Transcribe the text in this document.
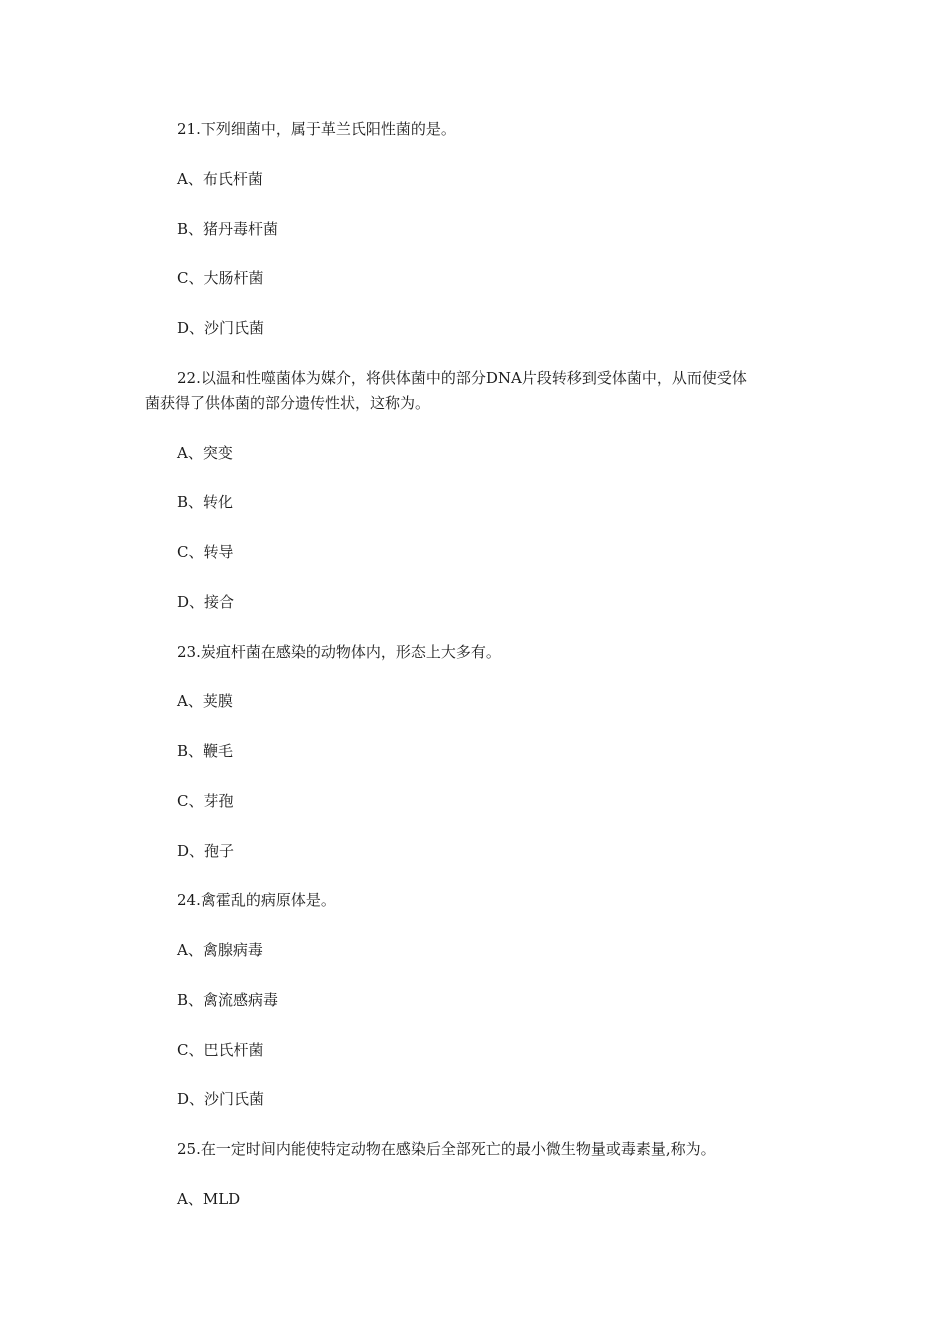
21.下列细菌中，属于革兰氏阳性菌的是。
A、布氏杆菌
B、猪丹毒杆菌
C、大肠杆菌
D、沙门氏菌
22.以温和性噬菌体为媒介，将供体菌中的部分DNA片段转移到受体菌中，从而使受体
菌获得了供体菌的部分遗传性状，这称为。
A、突变
B、转化
C、转导
D、接合
23.炭疽杆菌在感染的动物体内，形态上大多有。
A、荚膜
B、鞭毛
C、芽孢
D、孢子
24.禽霍乱的病原体是。
A、禽腺病毒
B、禽流感病毒
C、巴氏杆菌
D、沙门氏菌
25.在一定时间内能使特定动物在感染后全部死亡的最小微生物量或毒素量,称为。
A、MLD
